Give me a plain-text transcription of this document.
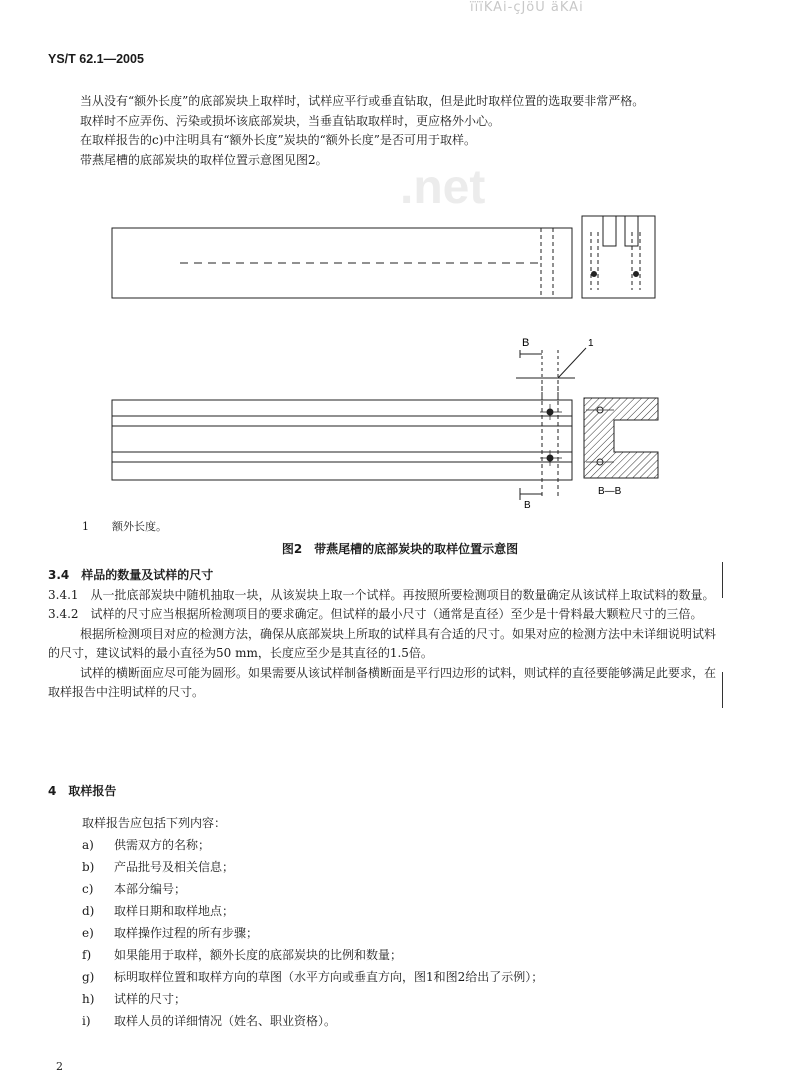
ïïïKAi-çJöÜ äKAi
YS/T 62.1—2005
.net

当从没有“额外长度”的底部炭块上取样时，试样应平行或垂直钻取，但是此时取样位置的选取要非常严格。

取样时不应弄伤、污染或损坏该底部炭块，当垂直钻取取样时，更应格外小心。

在取样报告的c)中注明具有“额外长度”炭块的“额外长度”是否可用于取样。

带燕尾槽的底部炭块的取样位置示意图见图2。

B	1
B
B—B
1 额外长度。
图2　带燕尾槽的底部炭块的取样位置示意图

3.4　样品的数量及试样的尺寸

3.4.1　从一批底部炭块中随机抽取一块，从该炭块上取一个试样。再按照所要检测项目的数量确定从该试样上取试料的数量。

3.4.2　试样的尺寸应当根据所检测项目的要求确定。但试样的最小尺寸（通常是直径）至少是十骨料最大颗粒尺寸的三倍。

根据所检测项目对应的检测方法，确保从底部炭块上所取的试样具有合适的尺寸。如果对应的检测方法中未详细说明试料的尺寸，建议试料的最小直径为50 mm，长度应至少是其直径的1.5倍。

试样的横断面应尽可能为圆形。如果需要从该试样制备横断面是平行四边形的试料，则试样的直径要能够满足此要求，在取样报告中注明试样的尺寸。

4　取样报告
取样报告应包括下列内容：
a) 供需双方的名称；
b) 产品批号及相关信息；
c) 本部分编号；
d) 取样日期和取样地点；
e) 取样操作过程的所有步骤；
f) 如果能用于取样，额外长度的底部炭块的比例和数量；
g) 标明取样位置和取样方向的草图（水平方向或垂直方向，图1和图2给出了示例）；
h) 试样的尺寸；
i) 取样人员的详细情况（姓名、职业资格）。
2
